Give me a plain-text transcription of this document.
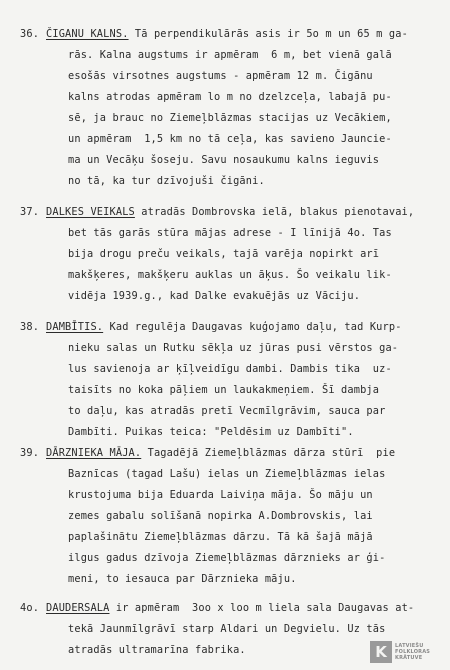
36. ČIGANU KALNS. Tā perpendikulārās asis ir 5o m un 65 m ga-
rās. Kalna augstums ir apmēram  6 m, bet vienā galā
esošās virsotnes augstums - apmēram 12 m. Čigānu
kalns atrodas apmēram lo m no dzelzceļa, labajā pu-
sē, ja brauc no Ziemeļblāzmas stacijas uz Vecākiem,
un apmēram  1,5 km no tā ceļa, kas savieno Jauncie-
ma un Vecāķu šoseju. Savu nosaukumu kalns ieguvis
no tā, ka tur dzīvojuši čigāni.
37. DALKES VEIKALS atradās Dombrovska ielā, blakus pienotavai,
bet tās garās stūra mājas adrese - I līnijā 4o. Tas
bija drogu preču veikals, tajā varēja nopirkt arī
makšķeres, makšķeru auklas un āķus. Šo veikalu lik-
vidēja 1939.g., kad Dalke evakuējās uz Vāciju.
38. DAMBĪTIS. Kad regulēja Daugavas kuģojamo daļu, tad Kurp-
nieku salas un Rutku sēkļa uz jūras pusi vērstos ga-
lus savienoja ar ķīļveidīgu dambi. Dambis tika  uz-
taisīts no koka pāļiem un laukakmeņiem. Šī dambja
to daļu, kas atradās pretī Vecmīlgrāvim, sauca par
Dambīti. Puikas teica: "Peldēsim uz Dambīti".
39. DĀRZNIEKA MĀJA. Tagadējā Ziemeļblāzmas dārza stūrī  pie
Baznīcas (tagad Lašu) ielas un Ziemeļblāzmas ielas
krustojuma bija Eduarda Laiviņa māja. Šo māju un
zemes gabalu solīšanā nopirka A.Dombrovskis, lai
paplašinātu Ziemeļblāzmas dārzu. Tā kā šajā mājā
ilgus gadus dzīvoja Ziemeļblāzmas dārznieks ar ģi-
meni, to iesauca par Dārznieka māju.
4o. DAUDERSALA ir apmēram  3oo x loo m liela sala Daugavas at-
tekā Jaunmīlgrāvī starp Aldari un Degvielu. Uz tās
atradās ultramarīna fabrika.	K	LATVIEŠU
FOLKLORAS
KRĀTUVE
